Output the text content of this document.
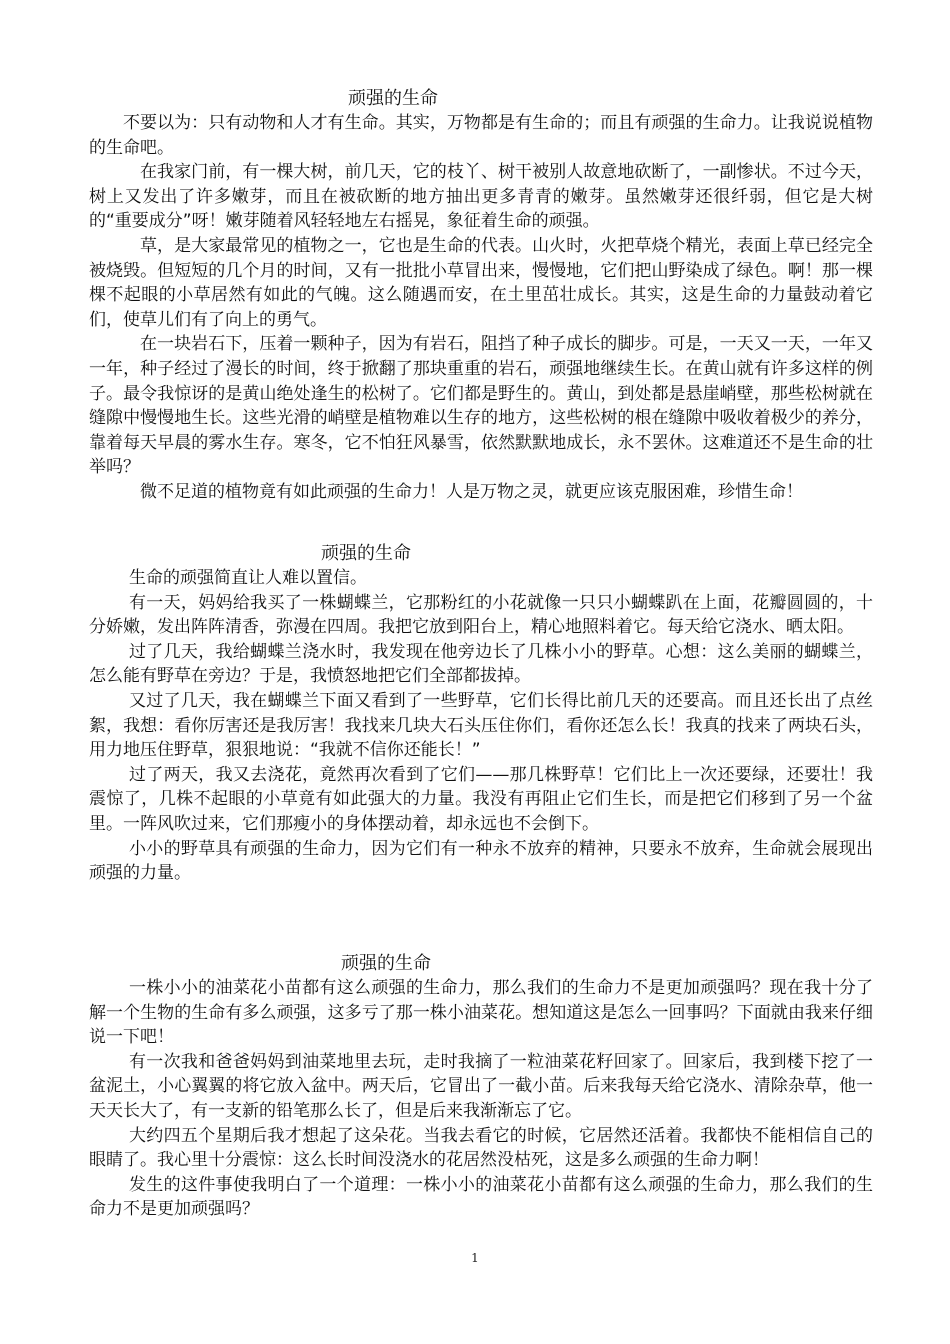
顽强的生命

不要以为：只有动物和人才有生命。其实，万物都是有生命的；而且有顽强的生命力。让我说说植物的生命吧。

在我家门前，有一棵大树，前几天，它的枝丫、树干被别人故意地砍断了，一副惨状。不过今天，树上又发出了许多嫩芽，而且在被砍断的地方抽出更多青青的嫩芽。虽然嫩芽还很纤弱，但它是大树的“重要成分”呀！嫩芽随着风轻轻地左右摇晃，象征着生命的顽强。

草，是大家最常见的植物之一，它也是生命的代表。山火时，火把草烧个精光，表面上草已经完全被烧毁。但短短的几个月的时间，又有一批批小草冒出来，慢慢地，它们把山野染成了绿色。啊！那一棵棵不起眼的小草居然有如此的气魄。这么随遇而安，在土里茁壮成长。其实，这是生命的力量鼓动着它们，使草儿们有了向上的勇气。

在一块岩石下，压着一颗种子，因为有岩石，阻挡了种子成长的脚步。可是，一天又一天，一年又一年，种子经过了漫长的时间，终于掀翻了那块重重的岩石，顽强地继续生长。在黄山就有许多这样的例子。最令我惊讶的是黄山绝处逢生的松树了。它们都是野生的。黄山，到处都是悬崖峭壁，那些松树就在缝隙中慢慢地生长。这些光滑的峭壁是植物难以生存的地方，这些松树的根在缝隙中吸收着极少的养分，靠着每天早晨的雾水生存。寒冬，它不怕狂风暴雪，依然默默地成长，永不罢休。这难道还不是生命的壮举吗？

微不足道的植物竟有如此顽强的生命力！人是万物之灵，就更应该克服困难，珍惜生命！

顽强的生命

生命的顽强简直让人难以置信。

有一天，妈妈给我买了一株蝴蝶兰，它那粉红的小花就像一只只小蝴蝶趴在上面，花瓣圆圆的，十分娇嫩，发出阵阵清香，弥漫在四周。我把它放到阳台上，精心地照料着它。每天给它浇水、晒太阳。

过了几天，我给蝴蝶兰浇水时，我发现在他旁边长了几株小小的野草。心想：这么美丽的蝴蝶兰，怎么能有野草在旁边？于是，我愤怒地把它们全部都拔掉。

又过了几天，我在蝴蝶兰下面又看到了一些野草，它们长得比前几天的还要高。而且还长出了点丝絮，我想：看你厉害还是我厉害！我找来几块大石头压住你们，看你还怎么长！我真的找来了两块石头，用力地压住野草，狠狠地说：“我就不信你还能长！”

过了两天，我又去浇花，竟然再次看到了它们——那几株野草！它们比上一次还要绿，还要壮！我震惊了，几株不起眼的小草竟有如此强大的力量。我没有再阻止它们生长，而是把它们移到了另一个盆里。一阵风吹过来，它们那瘦小的身体摆动着，却永远也不会倒下。

小小的野草具有顽强的生命力，因为它们有一种永不放弃的精神，只要永不放弃，生命就会展现出顽强的力量。

顽强的生命

一株小小的油菜花小苗都有这么顽强的生命力，那么我们的生命力不是更加顽强吗？现在我十分了解一个生物的生命有多么顽强，这多亏了那一株小油菜花。想知道这是怎么一回事吗？下面就由我来仔细说一下吧！

有一次我和爸爸妈妈到油菜地里去玩，走时我摘了一粒油菜花籽回家了。回家后，我到楼下挖了一盆泥土，小心翼翼的将它放入盆中。两天后，它冒出了一截小苗。后来我每天给它浇水、清除杂草，他一天天长大了，有一支新的铅笔那么长了，但是后来我渐渐忘了它。

大约四五个星期后我才想起了这朵花。当我去看它的时候，它居然还活着。我都快不能相信自己的眼睛了。我心里十分震惊：这么长时间没浇水的花居然没枯死，这是多么顽强的生命力啊！

发生的这件事使我明白了一个道理：一株小小的油菜花小苗都有这么顽强的生命力，那么我们的生命力不是更加顽强吗？

1
